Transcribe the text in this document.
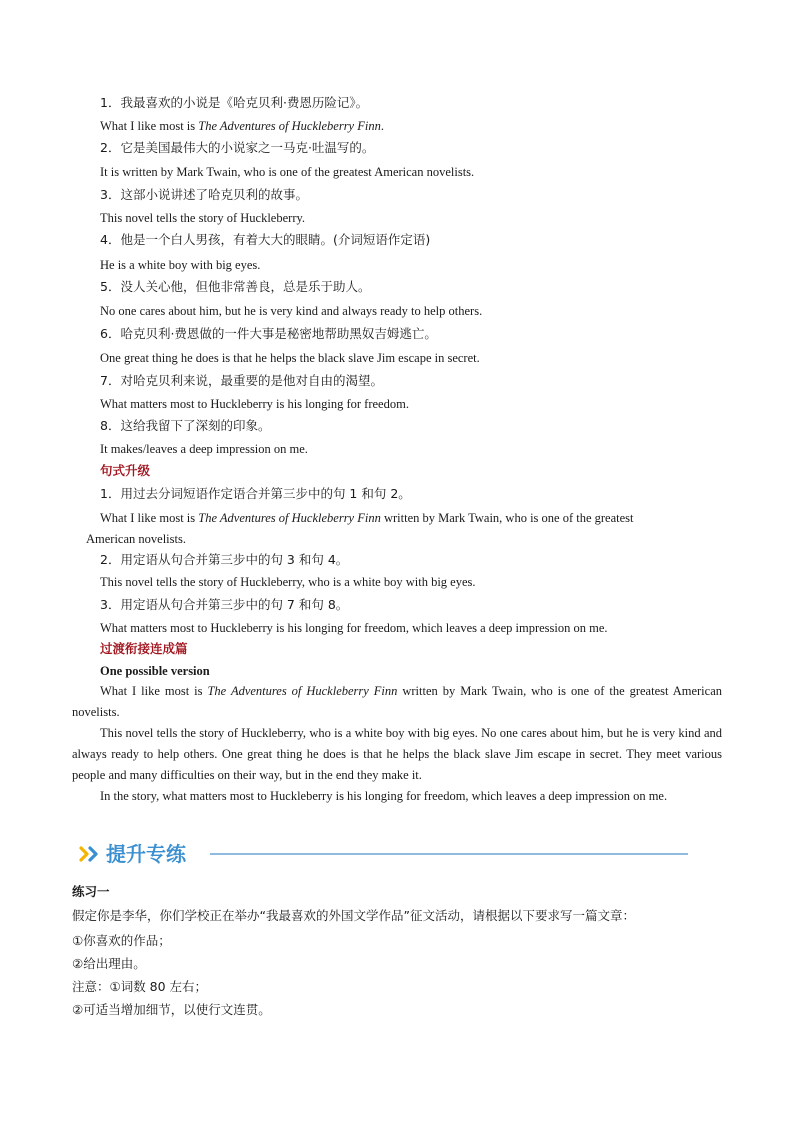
1．我最喜欢的小说是《哈克贝利·费恩历险记》。
What I like most is The Adventures of Huckleberry Finn.
2．它是美国最伟大的小说家之一马克·吐温写的。
It is written by Mark Twain, who is one of the greatest American novelists.
3．这部小说讲述了哈克贝利的故事。
This novel tells the story of Huckleberry.
4．他是一个白人男孩，有着大大的眼睛。(介词短语作定语)
He is a white boy with big eyes.
5．没人关心他，但他非常善良，总是乐于助人。
No one cares about him, but he is very kind and always ready to help others.
6．哈克贝利·费恩做的一件大事是秘密地帮助黑奴吉姆逃亡。
One great thing he does is that he helps the black slave Jim escape in secret.
7．对哈克贝利来说，最重要的是他对自由的渴望。
What matters most to Huckleberry is his longing for freedom.
8．这给我留下了深刻的印象。
It makes/leaves a deep impression on me.
句式升级
1．用过去分词短语作定语合并第三步中的句 1 和句 2。
What I like most is The Adventures of Huckleberry Finn written by Mark Twain, who is one of the greatest
American novelists.
2．用定语从句合并第三步中的句 3 和句 4。
This novel tells the story of Huckleberry, who is a white boy with big eyes.
3．用定语从句合并第三步中的句 7 和句 8。
What matters most to Huckleberry is his longing for freedom, which leaves a deep impression on me.
过渡衔接连成篇
One possible version
What I like most is The Adventures of Huckleberry Finn written by Mark Twain, who is one of the greatest American novelists.
This novel tells the story of Huckleberry, who is a white boy with big eyes. No one cares about him, but he is very kind and always ready to help others. One great thing he does is that he helps the black slave Jim escape in secret. They meet various people and many difficulties on their way, but in the end they make it.
In the story, what matters most to Huckleberry is his longing for freedom, which leaves a deep impression on me.
提升专练
练习一
假定你是李华，你们学校正在举办“我最喜欢的外国文学作品”征文活动，请根据以下要求写一篇文章：
①你喜欢的作品；
②给出理由。
注意：①词数 80 左右；
②可适当增加细节，以使行文连贯。
